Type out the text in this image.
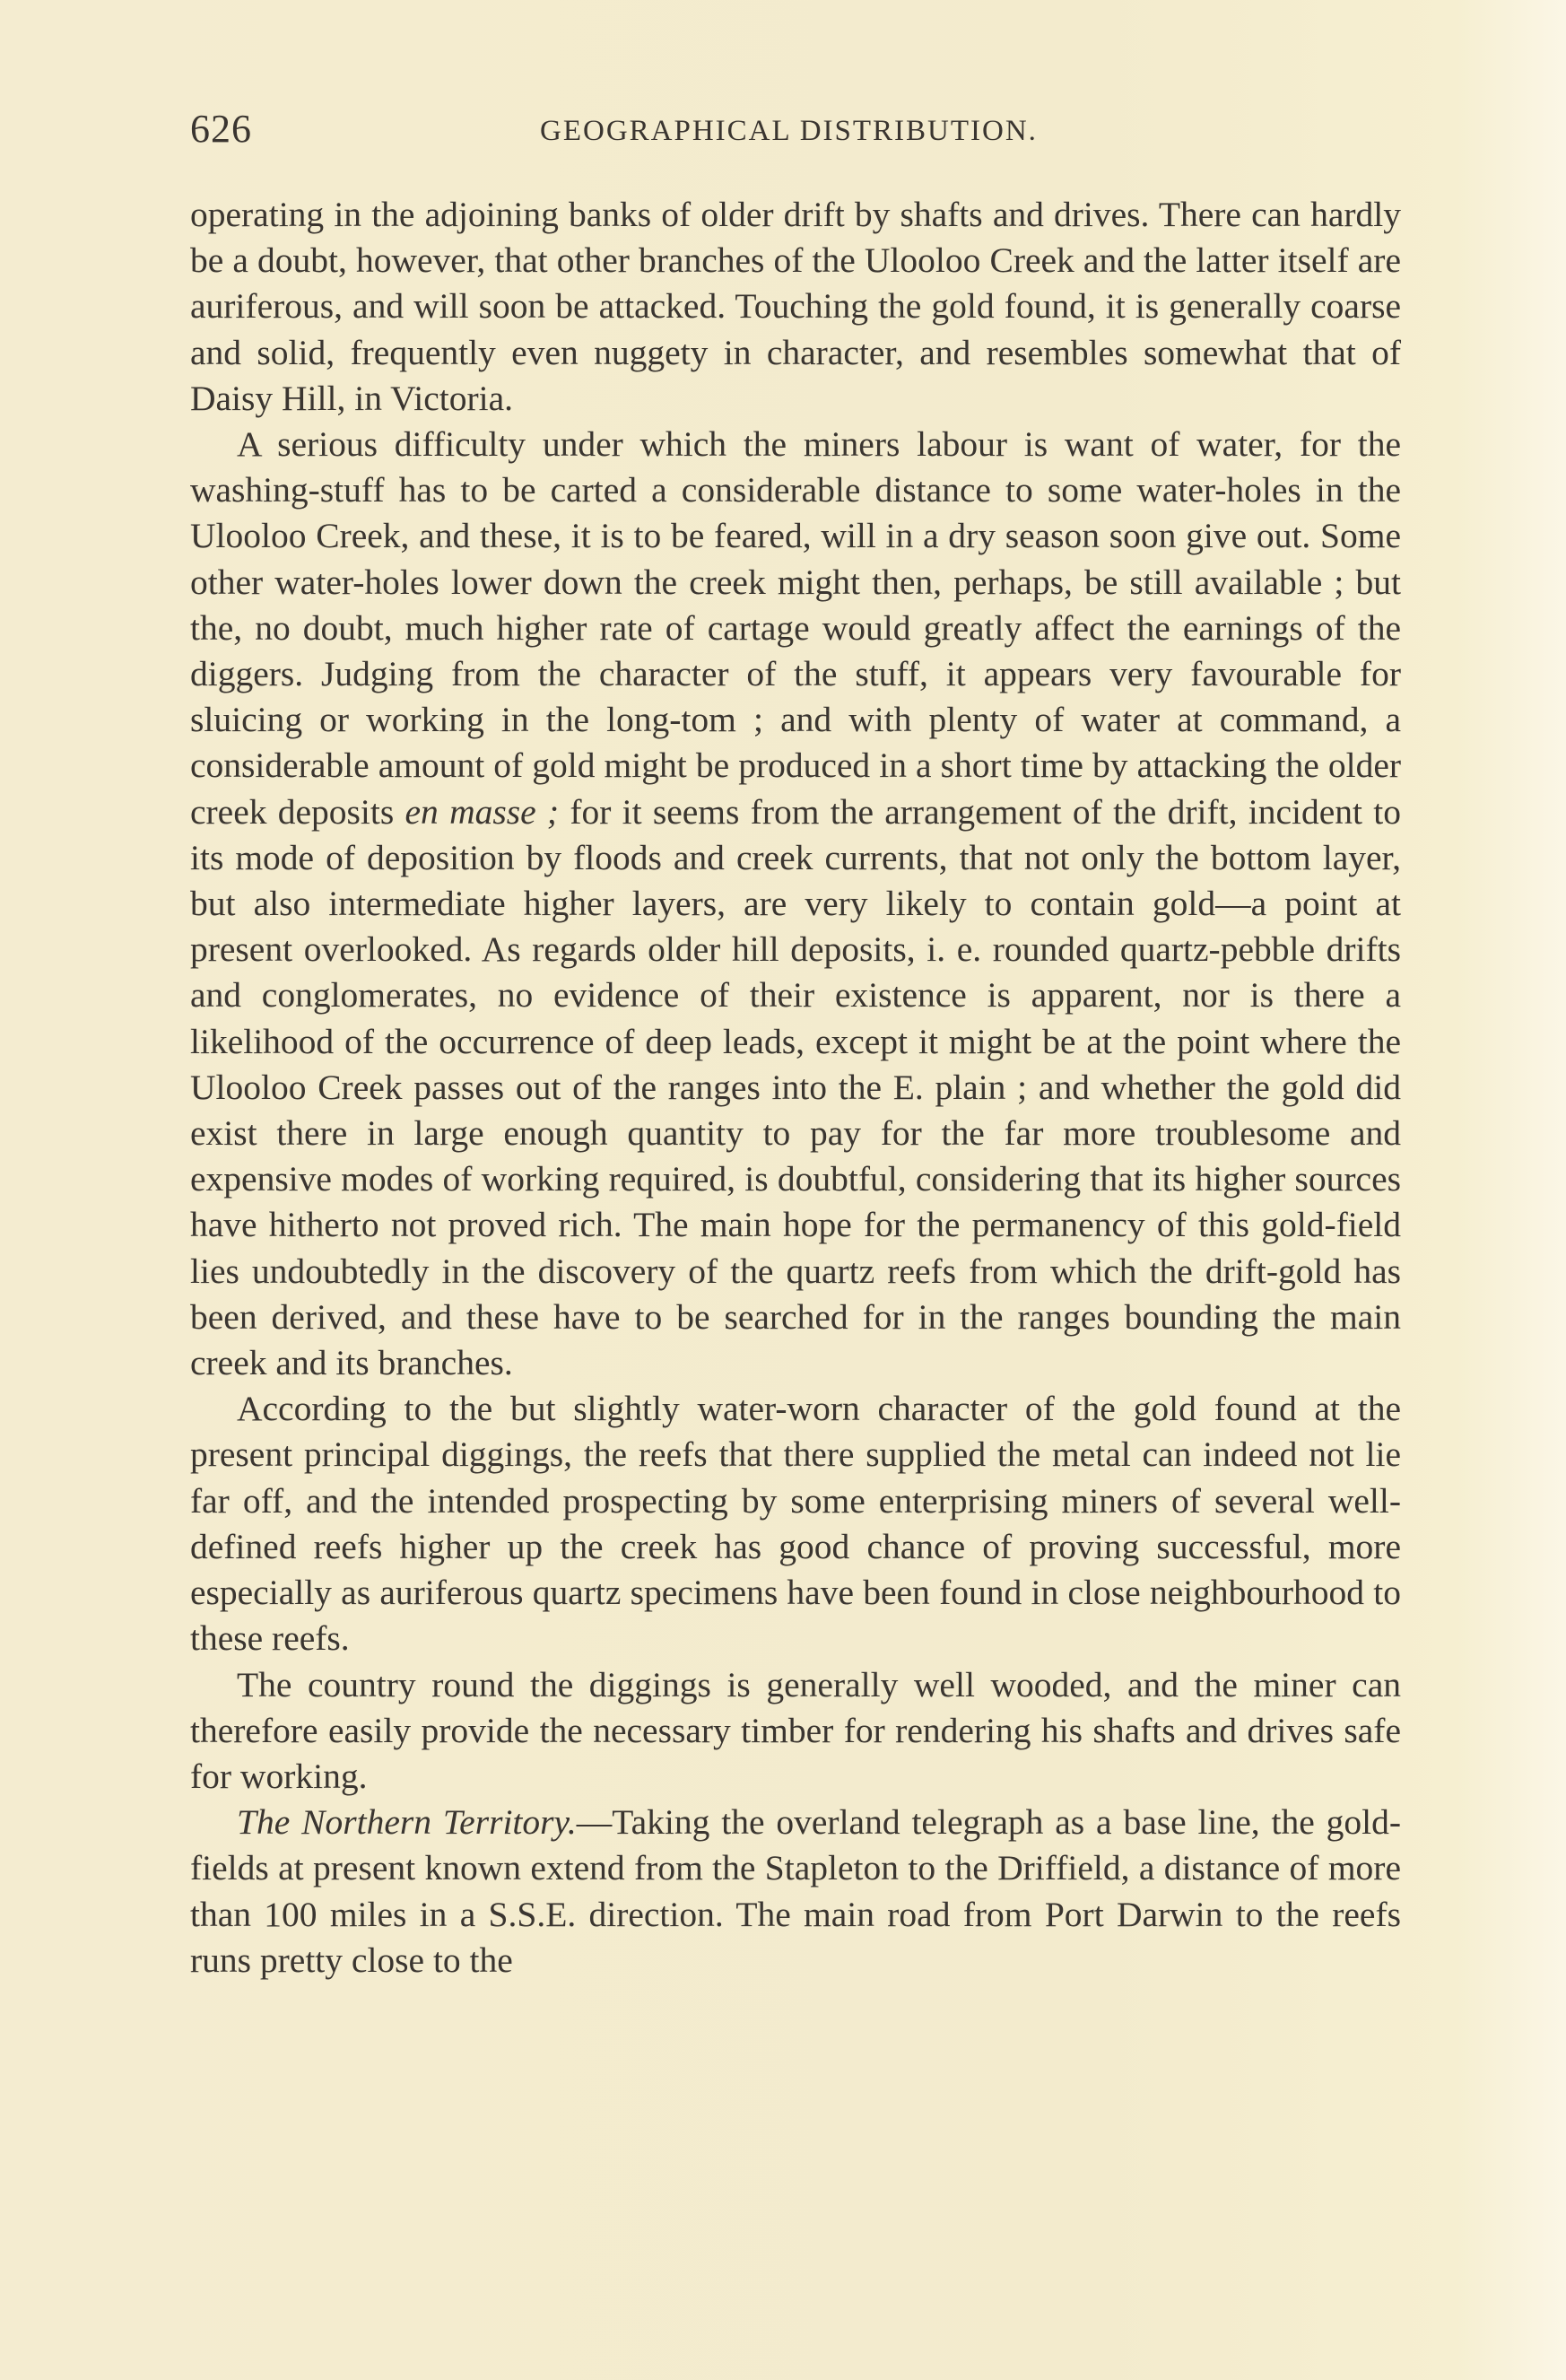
626	GEOGRAPHICAL DISTRIBUTION.

operating in the adjoining banks of older drift by shafts and drives. There can hardly be a doubt, however, that other branches of the Ulooloo Creek and the latter itself are auriferous, and will soon be attacked. Touching the gold found, it is generally coarse and solid, frequently even nuggety in character, and resembles somewhat that of Daisy Hill, in Victoria.

A serious difficulty under which the miners labour is want of water, for the washing-stuff has to be carted a considerable distance to some water-holes in the Ulooloo Creek, and these, it is to be feared, will in a dry season soon give out. Some other water-holes lower down the creek might then, perhaps, be still available ; but the, no doubt, much higher rate of cartage would greatly affect the earnings of the diggers. Judging from the character of the stuff, it appears very favourable for sluicing or working in the long-tom ; and with plenty of water at command, a considerable amount of gold might be produced in a short time by attacking the older creek deposits en masse ; for it seems from the arrangement of the drift, incident to its mode of deposition by floods and creek currents, that not only the bottom layer, but also intermediate higher layers, are very likely to contain gold—a point at present overlooked. As regards older hill deposits, i. e. rounded quartz-pebble drifts and conglomerates, no evidence of their existence is apparent, nor is there a likelihood of the occurrence of deep leads, except it might be at the point where the Ulooloo Creek passes out of the ranges into the E. plain ; and whether the gold did exist there in large enough quantity to pay for the far more troublesome and expensive modes of working required, is doubtful, considering that its higher sources have hitherto not proved rich. The main hope for the permanency of this gold-field lies undoubtedly in the discovery of the quartz reefs from which the drift-gold has been derived, and these have to be searched for in the ranges bounding the main creek and its branches.

According to the but slightly water-worn character of the gold found at the present principal diggings, the reefs that there supplied the metal can indeed not lie far off, and the intended prospecting by some enterprising miners of several well-defined reefs higher up the creek has good chance of proving successful, more especially as auriferous quartz specimens have been found in close neighbourhood to these reefs.

The country round the diggings is generally well wooded, and the miner can therefore easily provide the necessary timber for rendering his shafts and drives safe for working.

The Northern Territory.—Taking the overland telegraph as a base line, the gold-fields at present known extend from the Stapleton to the Driffield, a distance of more than 100 miles in a S.S.E. direction. The main road from Port Darwin to the reefs runs pretty close to the
